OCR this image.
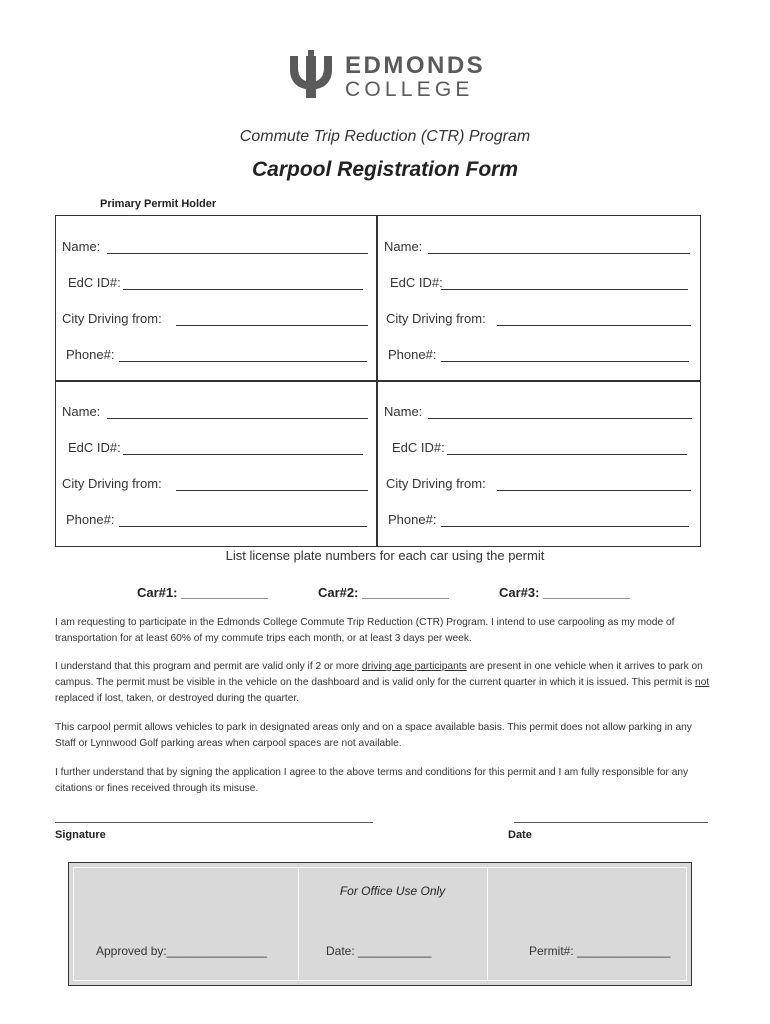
EDMONDS
COLLEGE
Commute Trip Reduction (CTR) Program
Carpool Registration Form
Primary Permit Holder
Name:
EdC ID#:
City Driving from:
Phone#:
Name:
EdC ID#:
City Driving from:
Phone#:
Name:
EdC ID#:
City Driving from:
Phone#:
Name:
EdC ID#:
City Driving from:
Phone#:
List license plate numbers for each car using the permit
Car#1: ____________	Car#2: ____________	Car#3: ____________
I am requesting to participate in the Edmonds College Commute Trip Reduction (CTR) Program. I intend to use carpooling as my mode of transportation for at least 60% of my commute trips each month, or at least 3 days per week.
I understand that this program and permit are valid only if 2 or more driving age participants are present in one vehicle when it arrives to park on campus. The permit must be visible in the vehicle on the dashboard and is valid only for the current quarter in which it is issued. This permit is not replaced if lost, taken, or destroyed during the quarter.
This carpool permit allows vehicles to park in designated areas only and on a space available basis. This permit does not allow parking in any Staff or Lynnwood Golf parking areas when carpool spaces are not available.
I further understand that by signing the application I agree to the above terms and conditions for this permit and I am fully responsible for any citations or fines received through its misuse.
Signature	Date
For Office Use Only
Approved by:_______________	Date: ___________	Permit#: ______________
